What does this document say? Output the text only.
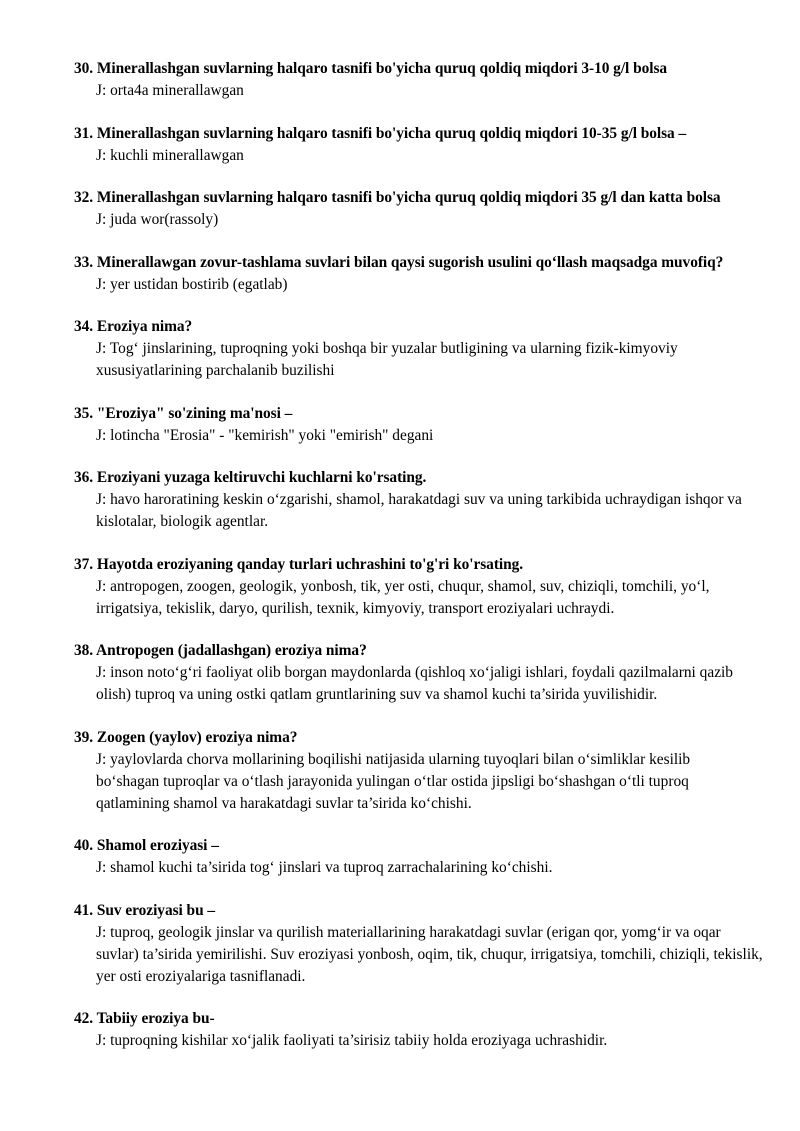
30. Minerallashgan suvlarning halqaro tasnifi bo'yicha quruq qoldiq miqdori 3-10 g/l bolsa
J: orta4a minerallawgan
31. Minerallashgan suvlarning halqaro tasnifi bo'yicha quruq qoldiq miqdori 10-35 g/l bolsa –
J: kuchli minerallawgan
32. Minerallashgan suvlarning halqaro tasnifi bo'yicha quruq qoldiq miqdori 35 g/l dan katta bolsa
J: juda wor(rassoly)
33. Minerallawgan zovur-tashlama suvlari bilan qaysi sugorish usulini qo‘llash maqsadga muvofiq?
J: yer ustidan bostirib (egatlab)
34. Eroziya nima?
J: Tog‘ jinslarining, tuproqning yoki boshqa bir yuzalar butligining va ularning fizik-kimyoviy xususiyatlarining parchalanib buzilishi
35. "Eroziya" so'zining ma'nosi –
J: lotincha "Erosia" - "kemirish" yoki "emirish" degani
36. Eroziyani yuzaga keltiruvchi kuchlarni ko'rsating.
J: havo haroratining keskin o‘zgarishi, shamol, harakatdagi suv va uning tarkibida uchraydigan ishqor va kislotalar, biologik agentlar.
37. Hayotda eroziyaning qanday turlari uchrashini to'g'ri ko'rsating.
J: antropogen, zoogen, geologik, yonbosh, tik, yer osti, chuqur, shamol, suv, chiziqli, tomchili, yo‘l, irrigatsiya, tekislik, daryo, qurilish, texnik, kimyoviy, transport eroziyalari uchraydi.
38. Antropogen (jadallashgan) eroziya nima?
J: inson noto‘g‘ri faoliyat olib borgan maydonlarda (qishloq xo‘jaligi ishlari, foydali qazilmalarni qazib olish) tuproq va uning ostki qatlam gruntlarining suv va shamol kuchi ta’sirida yuvilishidir.
39. Zoogen (yaylov) eroziya nima?
J: yaylovlarda chorva mollarining boqilishi natijasida ularning tuyoqlari bilan o‘simliklar kesilib bo‘shagan tuproqlar va o‘tlash jarayonida yulingan o‘tlar ostida jipsligi bo‘shashgan o‘tli tuproq qatlamining shamol va harakatdagi suvlar ta’sirida ko‘chishi.
40. Shamol eroziyasi –
J: shamol kuchi ta’sirida tog‘ jinslari va tuproq zarrachalarining ko‘chishi.
41. Suv eroziyasi bu –
J: tuproq, geologik jinslar va qurilish materiallarining harakatdagi suvlar (erigan qor, yomg‘ir va oqar suvlar) ta’sirida yemirilishi. Suv eroziyasi yonbosh, oqim, tik, chuqur, irrigatsiya, tomchili, chiziqli, tekislik, yer osti eroziyalariga tasniflanadi.
42. Tabiiy eroziya bu-
J: tuproqning kishilar xo‘jalik faoliyati ta’sirisiz tabiiy holda eroziyaga uchrashidir.
